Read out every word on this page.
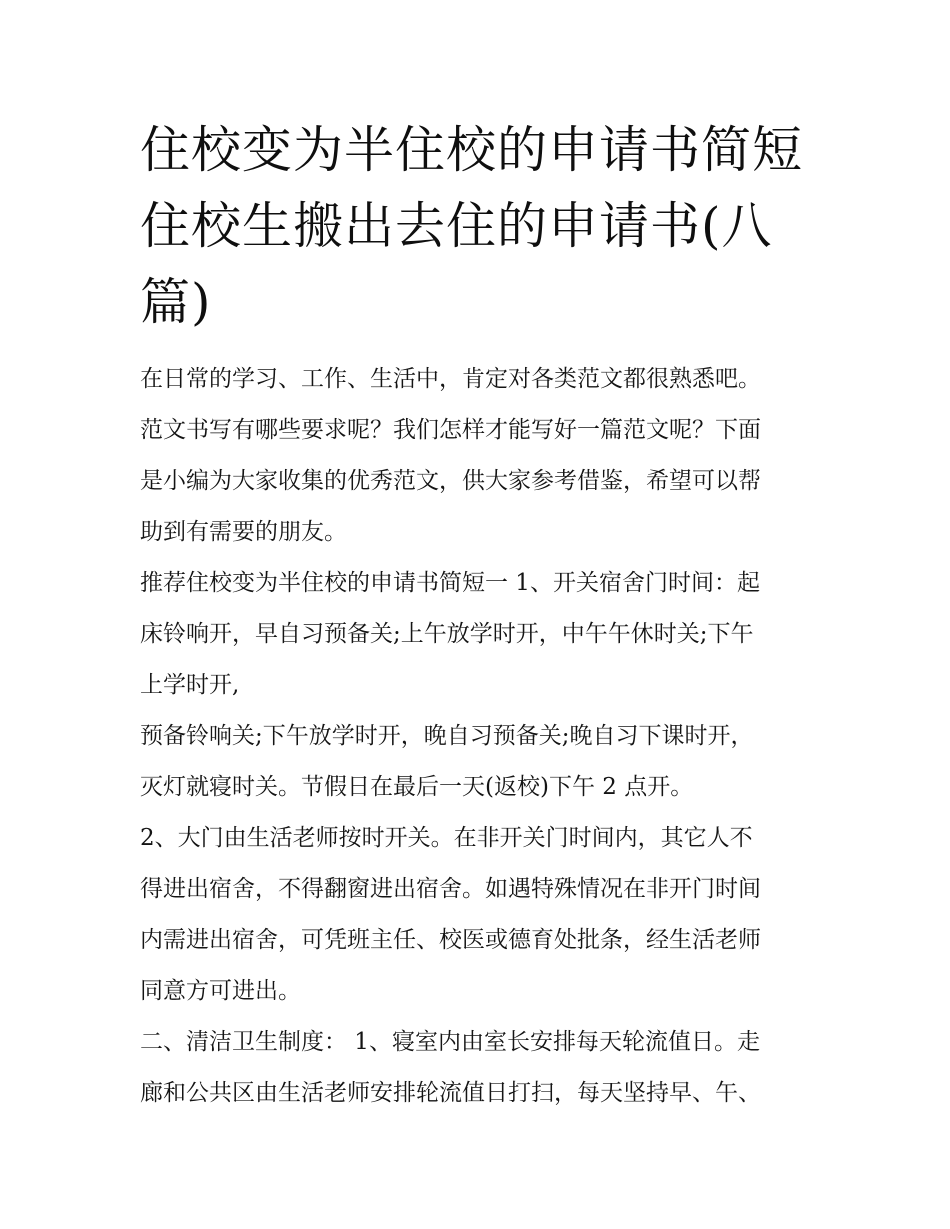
住校变为半住校的申请书简短
住校生搬出去住的申请书(八
篇)
在日常的学习、工作、生活中，肯定对各类范文都很熟悉吧。
范文书写有哪些要求呢？我们怎样才能写好一篇范文呢？下面
是小编为大家收集的优秀范文，供大家参考借鉴，希望可以帮
助到有需要的朋友。
推荐住校变为半住校的申请书简短一 1、开关宿舍门时间：起
床铃响开，早自习预备关;上午放学时开，中午午休时关;下午
上学时开,
预备铃响关;下午放学时开，晚自习预备关;晚自习下课时开，
灭灯就寝时关。节假日在最后一天(返校)下午 2 点开。
2、大门由生活老师按时开关。在非开关门时间内，其它人不
得进出宿舍，不得翻窗进出宿舍。如遇特殊情况在非开门时间
内需进出宿舍，可凭班主任、校医或德育处批条，经生活老师
同意方可进出。
二、清洁卫生制度： 1、寝室内由室长安排每天轮流值日。走
廊和公共区由生活老师安排轮流值日打扫，每天坚持早、午、
